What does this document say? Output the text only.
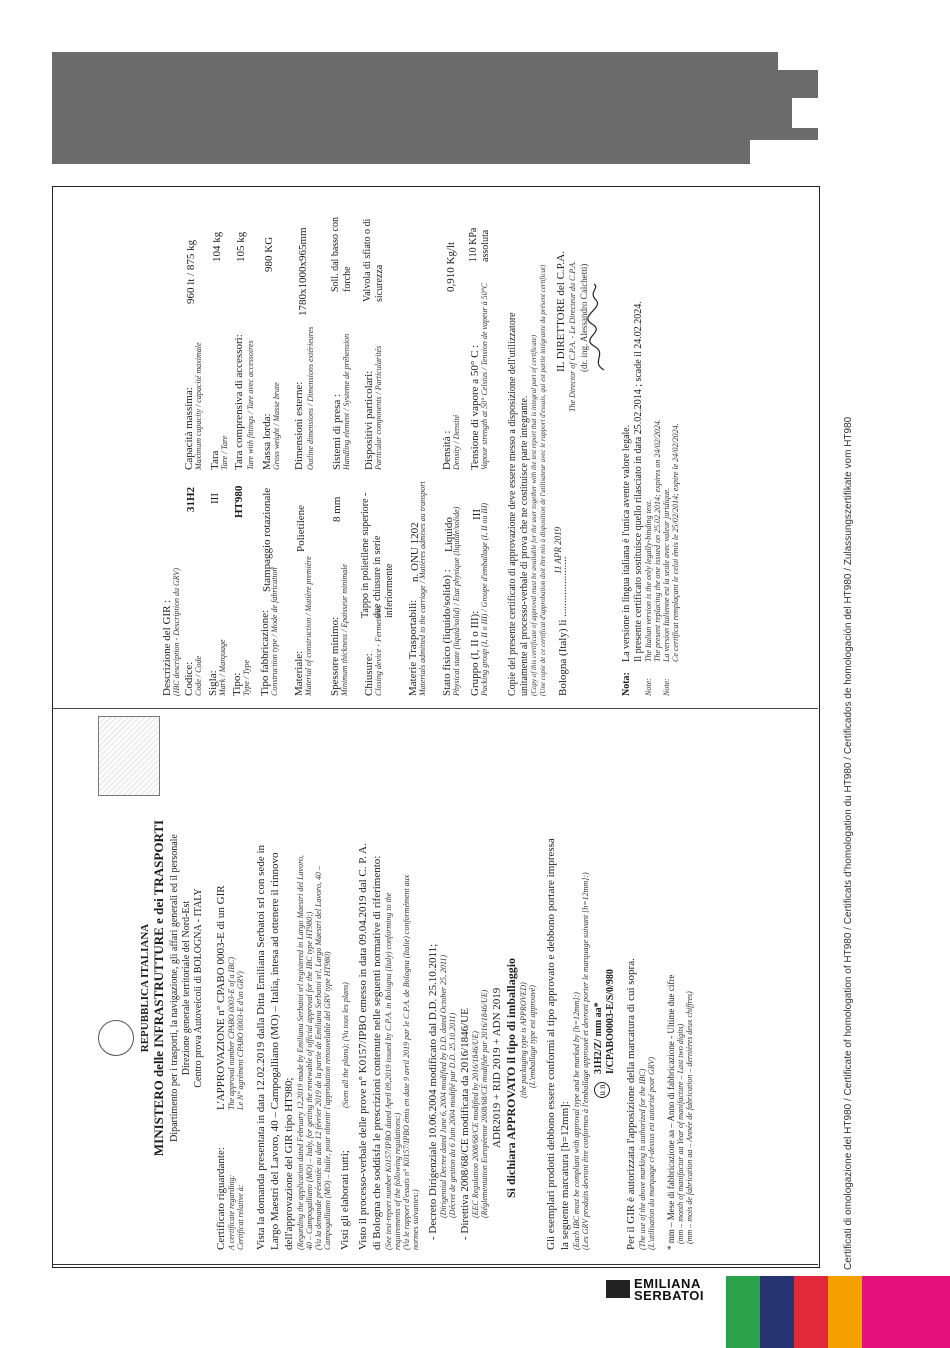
REPUBBLICA ITALIANA MINISTERO delle INFRASTRUTTURE e dei TRASPORTI Dipartimento per i trasporti, la navigazione, gli affari generali ed il personale Direzione generale territoriale del Nord-Est Centro prova Autoveicoli di BOLOGNA - ITALY
Certificato riguardante: A certificate regarding: Certificat relative à:
L'APPROVAZIONE n° CPABO 0003-E di un GIR The approval number CPABO 0003-E of a IBC) Le N° agrément CPABO 0003-E d'un GRV) Vista la domanda presentata in data 12.02.2019 dalla Ditta Emiliana Serbatoi srl con sede in Largo Maestri del Lavoro, 40 – Campogalliano (MO) – Italia, intesa ad ottenere il rinnovo dell'approvazione del GIR tipo HT980; (Regarding the application dated February 12,2019 made by Emiliana Serbatoi srl registered in Largo Maestri del Lavoro, 40 – Campogalliano (MO) – Italy, for getting the renewable of official approval for the IBC type HT980;) (Vu la demande présentée au date 12 février 2019 de la partie de Emiliana Serbatoi srl, Largo Maestri del Lavoro, 40 – Campogalliano (MO) – Italie, pour obtenir l'approbation renouvelable del GRV type HT980) Visti gli elaborati tutti;
(Seen all the plans); (Vu tous les plans) Visto il processo-verbale delle prove n° K0157/IPBO emesso in data 09.04.2019 dal C. P. A. di Bologna che soddisfa le prescrizioni contenute nelle seguenti normative di riferimento: (See test-report number K0157/IPBO dated April 09,2019 issued by C.P.A. in Bologna (Italy) conforming to the requirements of the following regulations:) (Vu le rapport d'essais n° K0157/IPBO émis en date 9 avril 2019 par le C.P.A. de Bologna (Italie) conformément aux normes suivantes:) - Decreto Dirigenziale 10.06.2004 modificato dal D.D. 25.10.2011; (Dirigential Decree dated June 6, 2004 modified by D.D. dated October 25, 2011) (Décret de gestion du 6 Juin 2004 modifié par D.D. 25.10.2011) - Direttiva 2008/68/CE modificata da 2016/1846/UE (EEC Regulation 2008/68/CE modified by 2016/1846/UE) (Réglementation Européenne 2008/68/CE modifiée par 2016/1846/UE) ADR2019 + RID 2019 + ADN 2019 Si dichiara APPROVATO il tipo di imballaggio (the packaging type is APPROVED) (L'emballage type est approuvé) Gli esemplari prodotti debbono essere conformi al tipo approvato e debbono portare impressa la seguente marcatura [h=12mm]: (Each IBC must be compliant with approval type and be marked by [h=12mm]:) (Les GRV produits devront être conformes à l'emballage approuvé et devront porter le marquage suivant [h=12mm]:) u n
31H2/Z/ mm aa* I/CPABO0003-E/S/0/980 Per il GIR è autorizzata l'apposizione della marcatura di cui sopra. (The use of the above marking is authorized for the IBC) (L'utilisation du marquage ci-dessus est autorisé pour GRV) * mm – Mese di fabbricazione aa – Anno di fabbricazione - Ultime due cifre (mm – month of manifactur aa Year of manifacture – Last two digits) (mm – mois de fabrication aa – Année de fabrication – dernières deux chiffres)
Descrizione del GIR : (IBC description - Description du GRV) Codice: Code / Code
31H2
Sigla: Mark / Marquage
III
Tipo: Type / Type
HT980
Tipo fabbricazione: Construction type / Mode de fabrication
Stampaggio rotazionale
Materiale: Material of construction / Matière première
Polietilene
Spessore minimo: Minimum thickness / Epaisseur minimale
8 mm
Chiusure: Closing device - Fermetures
Tappo in polietilene superiore - due chiusure in serie inferiormente
Materie Trasportabili: Materials admitted to the carriage / Matières admises au transport
n. ONU 1202
Stato fisico (liquido/solido) : Physical state (liquid/solid) / Etat physique (liquide/solide)
Liquido
Gruppo (I, II o III): Packing group (I, II o III) / Groupe d'emballage (I, II ou III)
III
Capacità massima: Maximum capacity / capacité maximale
960 lt / 875 kg
Tara Tare / Tare
104 kg
Tara comprensiva di accessori: Tare with fittings / Tare avec accessoires
105 kg
Massa lorda: Gross weight / Masse brute
980 KG
Dimensioni esterne: Outline dimensions / Dimensions extérieures
1780x1000x965mm
Sistemi di presa : Handling element / Systeme de préhension
Soll. dal basso con forche
Dispositivi particolari: Particular components / Particularités
Valvola di sfiato o di sicurezza
Densità : Density / Densité
0,910 Kg/lt
Tensione di vapore a 50° C : Vapour strength at 50° Celsius / Tension de vapeur à 50°C
110 KPa assoluta
Copie del presente certificato di approvazione deve essere messo a disposizione dell'utilizzatore unitamente al processo-verbale di prova che ne costituisce parte integrante. (Copy of this certificate of approval must be available for the user together with the test report that is integral part of certificate) (Une copie de ce certificat d'approbation doit être mis à disposition de l'utilisateur avec le rapport d'essais, qui est partie intégrante du présent certificat) Bologna (Italy) li ......................
11 APR 2019
IL DIRETTORE del C.P.A. The Director of C.P.A. - Le Directeur du C.P.A. (dr. ing. Alessandro Calchetti)
Nota:
La versione in lingua italiana è l'unica avente valore legale. Il presente certificato sostituisce quello rilasciato in data 25.02.2014 ; scade il 24.02.2024.
Note:
The Italian version is the only legally-binding text. The present replacing the one issued on 25.02.2014; expires on 24/02/2024.
Note:
La version Italienne est la seule avec valeur juridique. Ce certificat remplaçant le celui émis le 25/02/2014; expire le 24/02/2024.	Certificati di omologazione del HT980 / Certificate of homologation of HT980 / Certificats d’homologation du HT980 / Certificados de homologación del HT980 / Zulassungszertifikate vom HT980
EMILIANA
SERBATOI
